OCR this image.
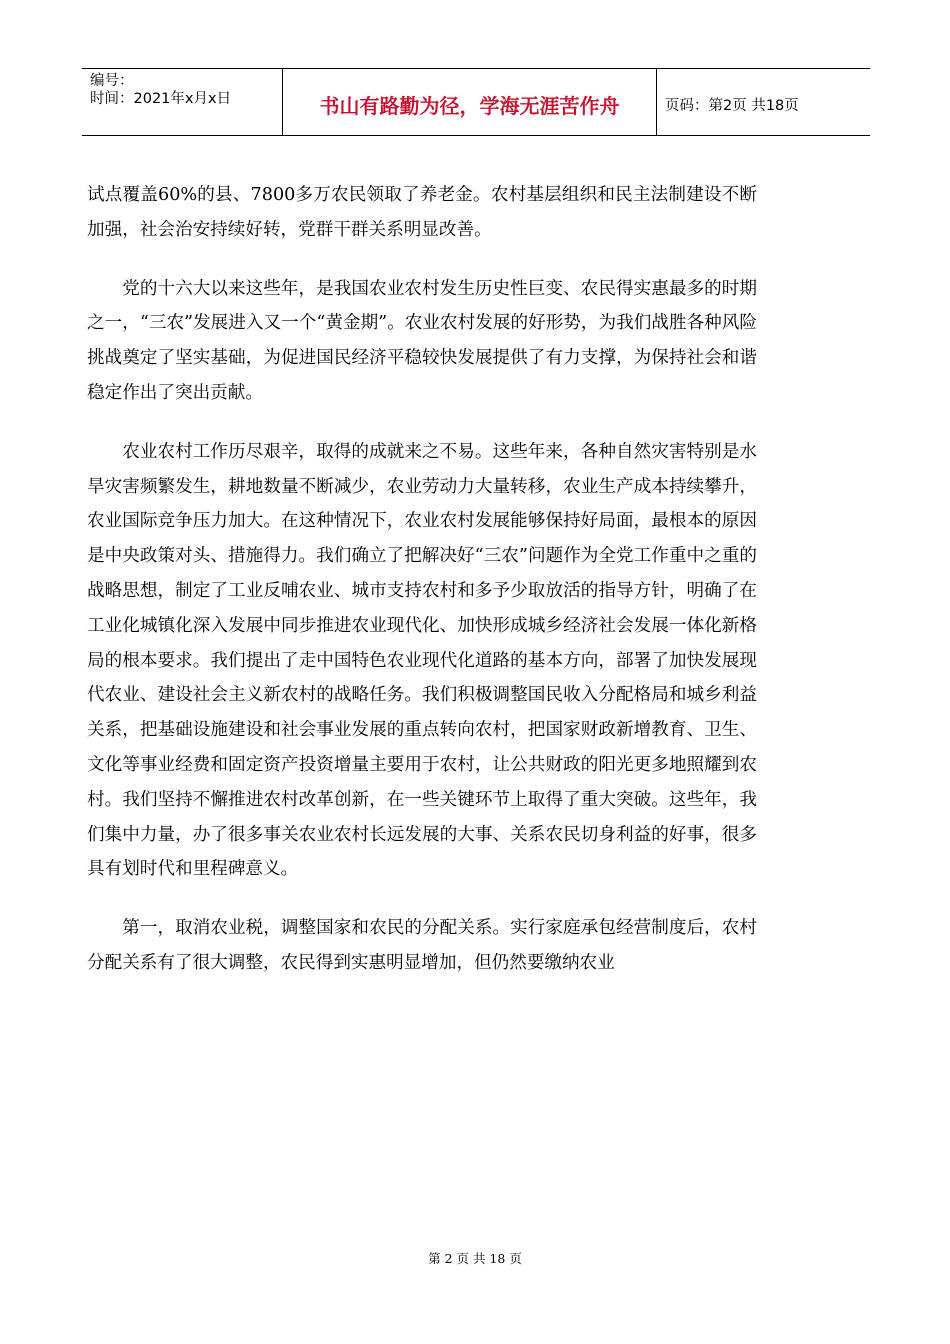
编号：
时间：2021年x月x日	书山有路勤为径，学海无涯苦作舟	页码：第2页 共18页

试点覆盖60%的县、7800多万农民领取了养老金。农村基层组织和民主法制建设不断加强，社会治安持续好转，党群干群关系明显改善。

党的十六大以来这些年，是我国农业农村发生历史性巨变、农民得实惠最多的时期之一，“三农”发展进入又一个“黄金期”。农业农村发展的好形势，为我们战胜各种风险挑战奠定了坚实基础，为促进国民经济平稳较快发展提供了有力支撑，为保持社会和谐稳定作出了突出贡献。

农业农村工作历尽艰辛，取得的成就来之不易。这些年来，各种自然灾害特别是水旱灾害频繁发生，耕地数量不断减少，农业劳动力大量转移，农业生产成本持续攀升，农业国际竞争压力加大。在这种情况下，农业农村发展能够保持好局面，最根本的原因是中央政策对头、措施得力。我们确立了把解决好“三农”问题作为全党工作重中之重的战略思想，制定了工业反哺农业、城市支持农村和多予少取放活的指导方针，明确了在工业化城镇化深入发展中同步推进农业现代化、加快形成城乡经济社会发展一体化新格局的根本要求。我们提出了走中国特色农业现代化道路的基本方向，部署了加快发展现代农业、建设社会主义新农村的战略任务。我们积极调整国民收入分配格局和城乡利益关系，把基础设施建设和社会事业发展的重点转向农村，把国家财政新增教育、卫生、文化等事业经费和固定资产投资增量主要用于农村，让公共财政的阳光更多地照耀到农村。我们坚持不懈推进农村改革创新，在一些关键环节上取得了重大突破。这些年，我们集中力量，办了很多事关农业农村长远发展的大事、关系农民切身利益的好事，很多具有划时代和里程碑意义。

第一，取消农业税，调整国家和农民的分配关系。实行家庭承包经营制度后，农村分配关系有了很大调整，农民得到实惠明显增加，但仍然要缴纳农业

第 2 页 共 18 页
